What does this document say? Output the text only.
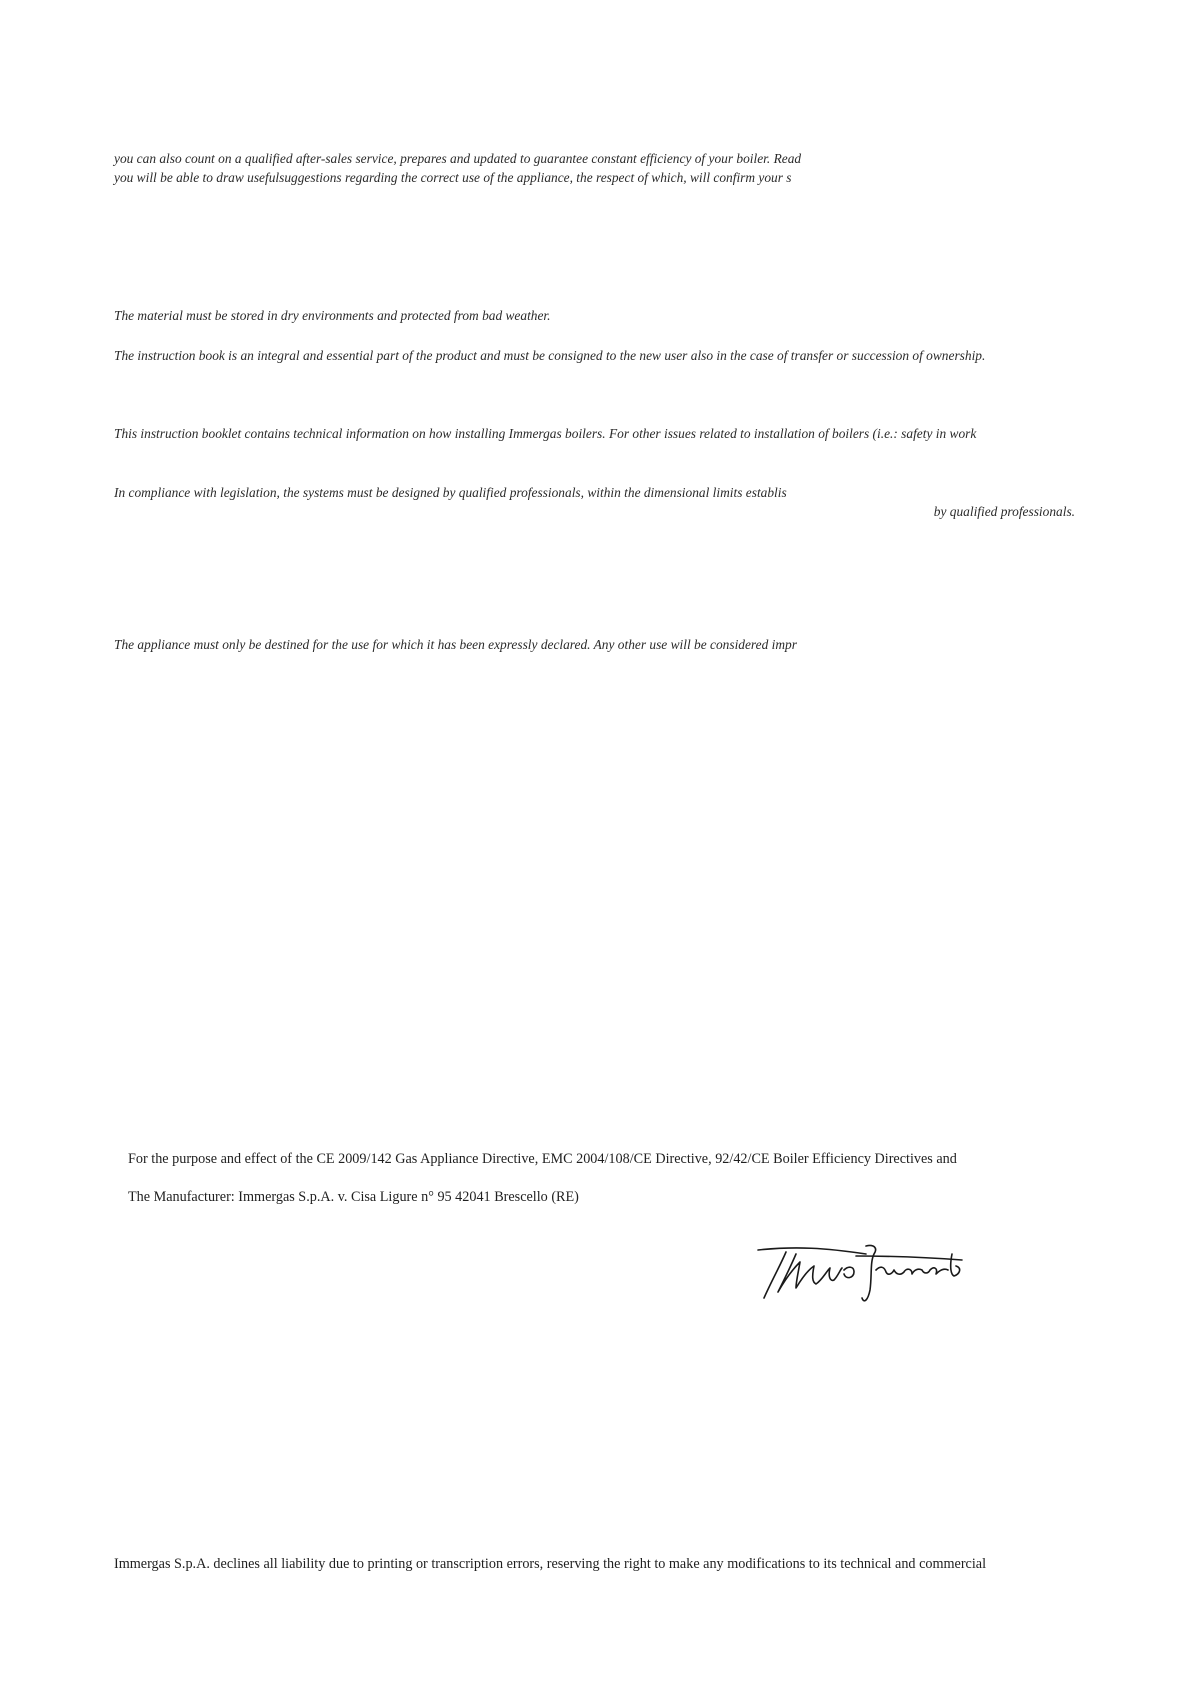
you can also count on a qualified after-sales service, prepares and updated to guarantee constant efficiency of your boiler. Read
you will be able to draw usefulsuggestions regarding the correct use of the appliance, the respect of which, will confirm your s
The material must be stored in dry environments and protected from bad weather.
The instruction book is an integral and essential part of the product and must be consigned to the new user also in the case of transfer or succession of ownership.
This instruction booklet contains technical information on how installing Immergas boilers. For other issues related to installation of boilers (i.e.: safety in work
In compliance with legislation, the systems must be designed by qualified professionals, within the dimensional limits establis
by qualified professionals.
The appliance must only be destined for the use for which it has been expressly declared. Any other use will be considered impr
For the purpose and effect of the CE 2009/142 Gas Appliance Directive, EMC 2004/108/CE Directive, 92/42/CE Boiler Efficiency Directives and
The Manufacturer: Immergas S.p.A. v. Cisa Ligure n° 95 42041 Brescello (RE)
Immergas S.p.A. declines all liability due to printing or transcription errors, reserving the right to make any modifications to its technical and commercial
